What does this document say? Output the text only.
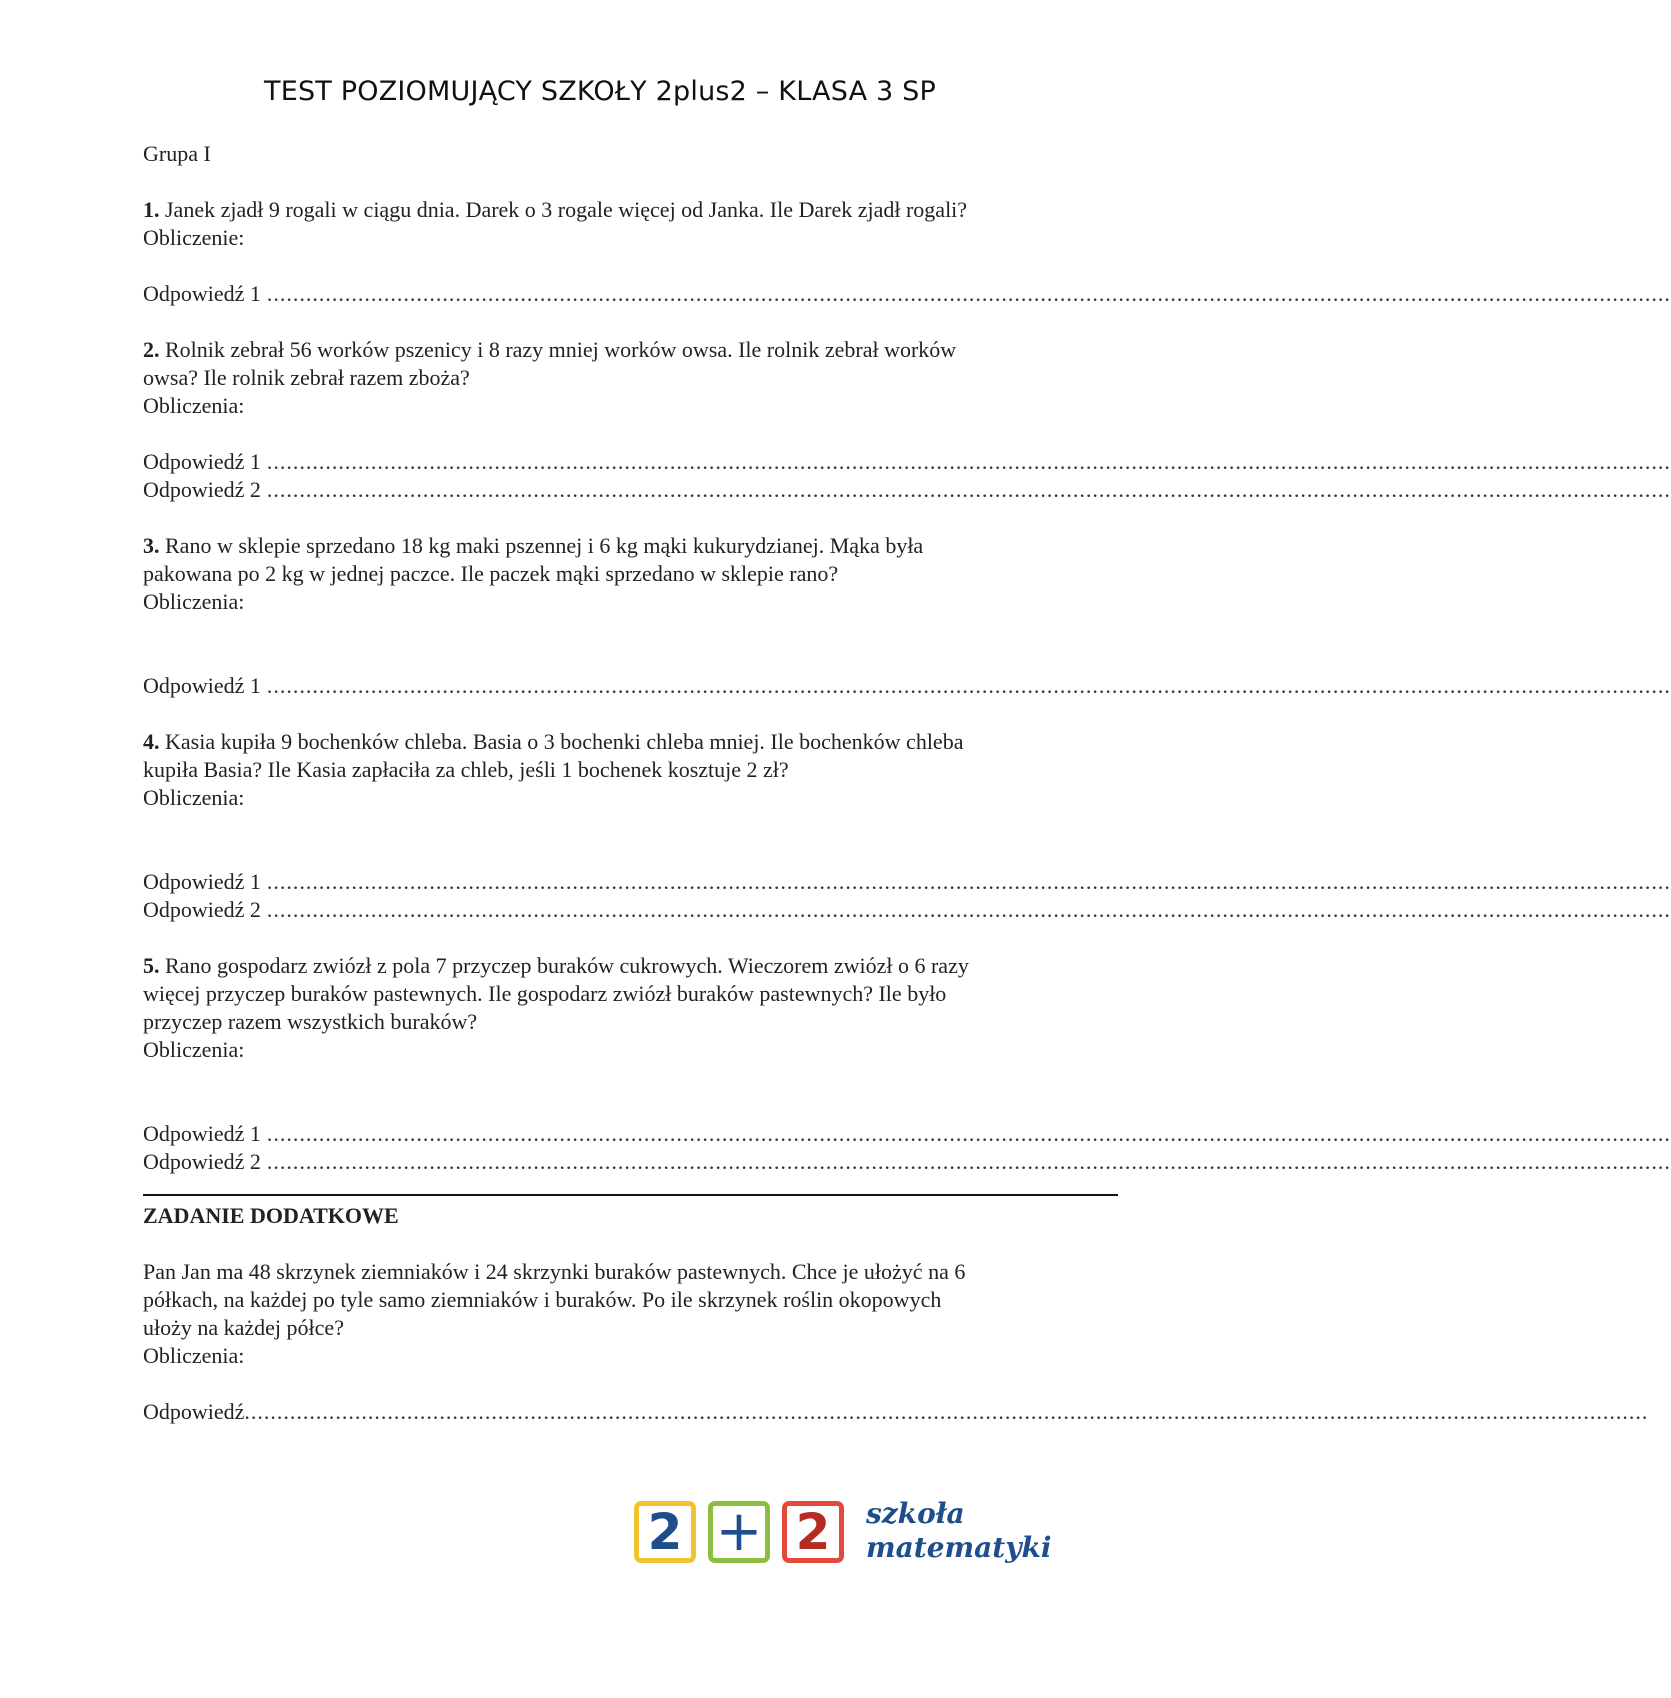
TEST POZIOMUJĄCY SZKOŁY 2plus2 – KLASA 3 SP

Grupa I

1. Janek zjadł 9 rogali w ciągu dnia. Darek o 3 rogale więcej od Janka. Ile Darek zjadł rogali?

Obliczenie:

Odpowiedź 1 ........................................................................................................................................................................................................................

2. Rolnik zebrał 56 worków pszenicy i 8 razy mniej worków owsa. Ile rolnik zebrał worków

owsa? Ile rolnik zebrał razem zboża?

Obliczenia:

Odpowiedź 1 ........................................................................................................................................................................................................................
Odpowiedź 2 ........................................................................................................................................................................................................................

3. Rano w sklepie sprzedano 18 kg maki pszennej i 6 kg mąki kukurydzianej. Mąka była

pakowana po 2 kg w jednej paczce. Ile paczek mąki sprzedano w sklepie rano?

Obliczenia:

Odpowiedź 1 ........................................................................................................................................................................................................................

4. Kasia kupiła 9 bochenków chleba. Basia o 3 bochenki chleba mniej. Ile bochenków chleba

kupiła Basia? Ile Kasia zapłaciła za chleb, jeśli 1 bochenek kosztuje 2 zł?

Obliczenia:

Odpowiedź 1 ........................................................................................................................................................................................................................
Odpowiedź 2 ........................................................................................................................................................................................................................

5. Rano gospodarz zwiózł z pola 7 przyczep buraków cukrowych. Wieczorem zwiózł o 6 razy

więcej przyczep buraków pastewnych. Ile gospodarz zwiózł buraków pastewnych? Ile było

przyczep razem wszystkich buraków?

Obliczenia:

Odpowiedź 1 ........................................................................................................................................................................................................................
Odpowiedź 2 ........................................................................................................................................................................................................................

ZADANIE DODATKOWE

Pan Jan ma 48 skrzynek ziemniaków i 24 skrzynki buraków pastewnych. Chce je ułożyć na 6

półkach, na każdej po tyle samo ziemniaków i buraków. Po ile skrzynek roślin okopowych

ułoży na każdej półce?

Obliczenia:

Odpowiedź ........................................................................................................................................................................................................................
2 + 2 szkoła
matematyki
